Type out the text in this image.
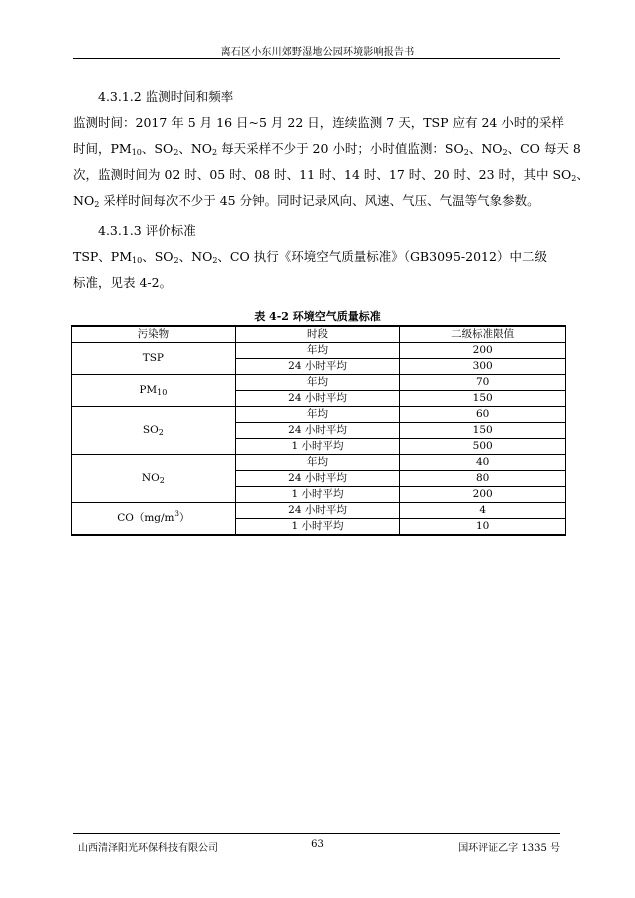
离石区小东川郊野湿地公园环境影响报告书
4.3.1.2 监测时间和频率
监测时间：2017 年 5 月 16 日~5 月 22 日，连续监测 7 天，TSP 应有 24 小时的采样
时间，$PM_{10}$、$SO_2$、$NO_2$ 每天采样不少于 20 小时；小时值监测：$SO_2$、$NO_2$、CO 每天 8
次，监测时间为 02 时、05 时、08 时、11 时、14 时、17 时、20 时、23 时，其中 $SO_2$、
$NO_2$ 采样时间每次不少于 45 分钟。同时记录风向、风速、气压、气温等气象参数。
4.3.1.3 评价标准
TSP、$PM_{10}$、$SO_2$、$NO_2$、CO 执行《环境空气质量标准》（GB3095-2012）中二级
标准，见表 4-2。
表 4-2 环境空气质量标准
污染物	时段	二级标准限值
TSP	年均	200
	24 小时平均	300
$PM_{10}$	年均	70
	24 小时平均	150
$SO_2$	年均	60
	24 小时平均	150
	1 小时平均	500
$NO_2$	年均	40
	24 小时平均	80
	1 小时平均	200
$CO(mg/m^3)$	24 小时平均	4
	1 小时平均	10
山西清泽阳光环保科技有限公司	63	国环评证乙字 1335 号
